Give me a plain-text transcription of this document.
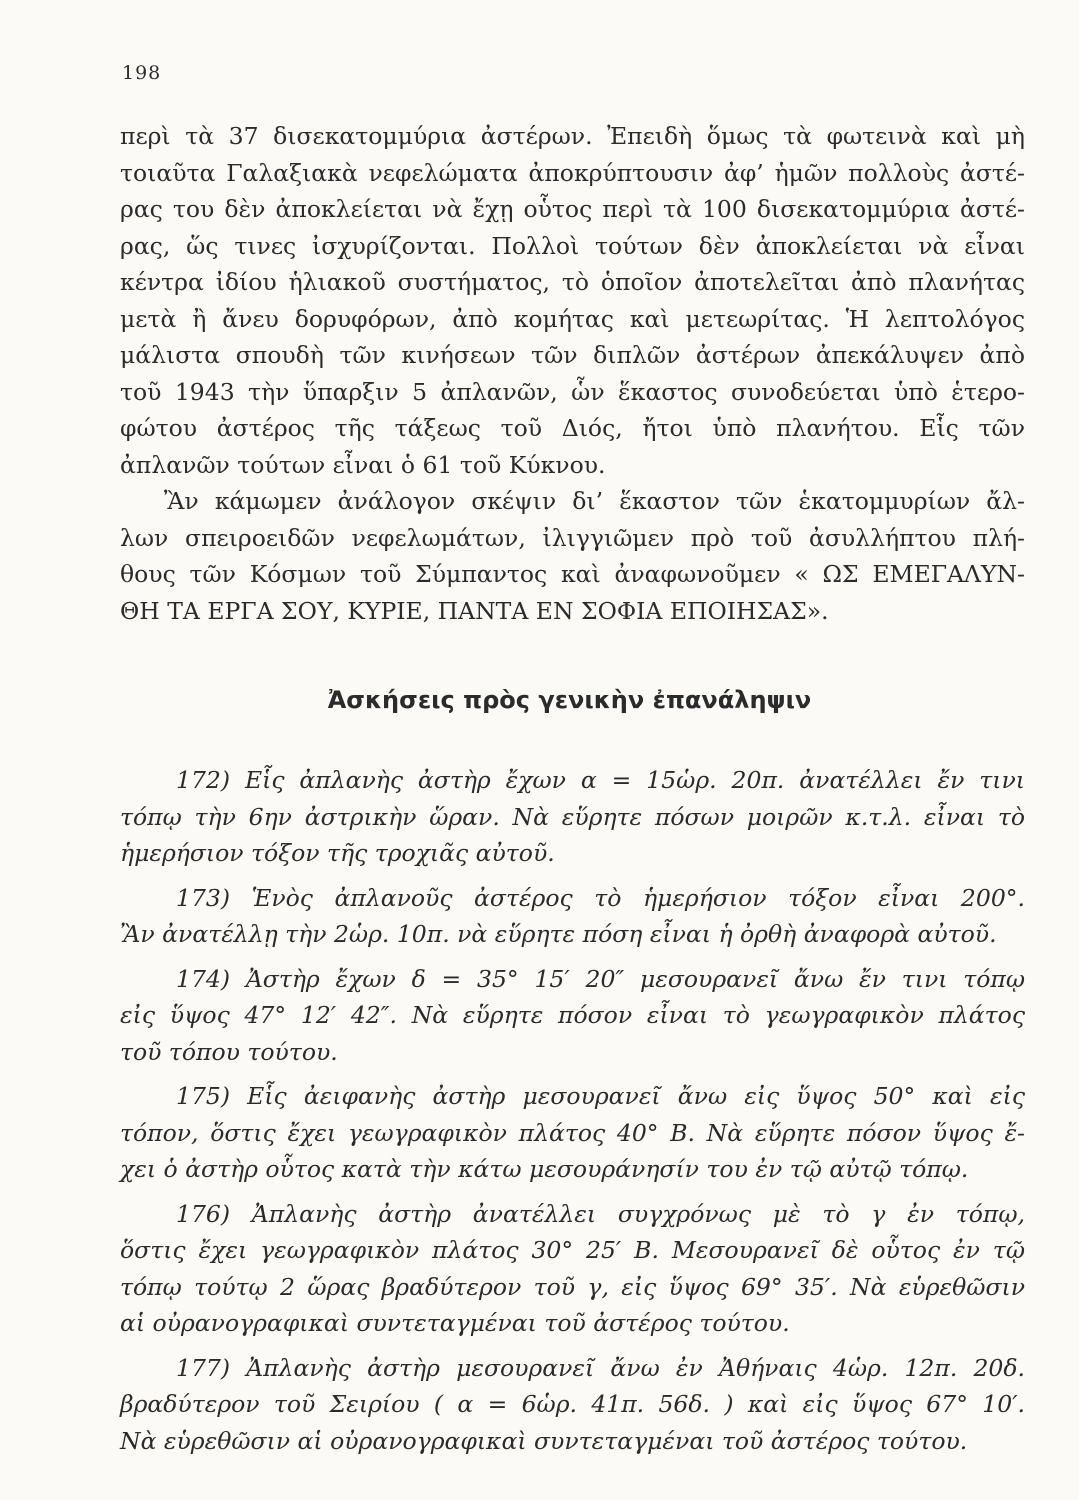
198

περὶ τὰ 37 δισεκατομμύρια ἀστέρων. Ἐπειδὴ ὅμως τὰ φωτεινὰ καὶ μὴ
τοιαῦτα Γαλαξιακὰ νεφελώματα ἀποκρύπτουσιν ἀφ’ ἡμῶν πολλοὺς ἀστέ-
ρας του δὲν ἀποκλείεται νὰ ἔχῃ οὗτος περὶ τὰ 100 δισεκατομμύρια ἀστέ-
ρας, ὥς τινες ἰσχυρίζονται. Πολλοὶ τούτων δὲν ἀποκλείεται νὰ εἶναι
κέντρα ἰδίου ἡλιακοῦ συστήματος, τὸ ὁποῖον ἀποτελεῖται ἀπὸ πλανήτας
μετὰ ἢ ἄνευ δορυφόρων, ἀπὸ κομήτας καὶ μετεωρίτας. Ἡ λεπτολόγος
μάλιστα σπουδὴ τῶν κινήσεων τῶν διπλῶν ἀστέρων ἀπεκάλυψεν ἀπὸ
τοῦ 1943 τὴν ὕπαρξιν 5 ἀπλανῶν, ὧν ἕκαστος συνοδεύεται ὑπὸ ἑτερο-
φώτου ἀστέρος τῆς τάξεως τοῦ Διός, ἤτοι ὑπὸ πλανήτου. Εἷς τῶν
ἀπλανῶν τούτων εἶναι ὁ 61 τοῦ Κύκνου.

Ἂν κάμωμεν ἀνάλογον σκέψιν δι’ ἕκαστον τῶν ἑκατομμυρίων ἄλ-
λων σπειροειδῶν νεφελωμάτων, ἰλιγγιῶμεν πρὸ τοῦ ἀσυλλήπτου πλή-
θους τῶν Κόσμων τοῦ Σύμπαντος καὶ ἀναφωνοῦμεν « ΩΣ ΕΜΕΓΑΛΥΝ-
ΘΗ ΤΑ ΕΡΓΑ ΣΟΥ, ΚΥΡΙΕ, ΠΑΝΤΑ ΕΝ ΣΟΦΙΑ ΕΠΟΙΗΣΑΣ».

Ἀσκήσεις πρὸς γενικὴν ἐπανάληψιν

172) Εἷς ἀπλανὴς ἀστὴρ ἔχων α = 15ὡρ. 20π. ἀνατέλλει ἔν τινι
τόπῳ τὴν 6ην ἀστρικὴν ὥραν. Νὰ εὕρητε πόσων μοιρῶν κ.τ.λ. εἶναι τὸ
ἡμερήσιον τόξον τῆς τροχιᾶς αὐτοῦ.

173) Ἑνὸς ἀπλανοῦς ἀστέρος τὸ ἡμερήσιον τόξον εἶναι 200°.
Ἂν ἀνατέλλῃ τὴν 2ὡρ. 10π. νὰ εὕρητε πόση εἶναι ἡ ὀρθὴ ἀναφορὰ αὐτοῦ.

174) Ἀστὴρ ἔχων δ = 35° 15′ 20″ μεσουρανεῖ ἄνω ἔν τινι τόπῳ
εἰς ὕψος 47° 12′ 42″. Νὰ εὕρητε πόσον εἶναι τὸ γεωγραφικὸν πλάτος
τοῦ τόπου τούτου.

175) Εἷς ἀειφανὴς ἀστὴρ μεσουρανεῖ ἄνω εἰς ὕψος 50° καὶ εἰς
τόπον, ὅστις ἔχει γεωγραφικὸν πλάτος 40° Β. Νὰ εὕρητε πόσον ὕψος ἔ-
χει ὁ ἀστὴρ οὗτος κατὰ τὴν κάτω μεσουράνησίν του ἐν τῷ αὐτῷ τόπῳ.

176) Ἀπλανὴς ἀστὴρ ἀνατέλλει συγχρόνως μὲ τὸ γ ἐν τόπῳ,
ὅστις ἔχει γεωγραφικὸν πλάτος 30° 25′ Β. Μεσουρανεῖ δὲ οὗτος ἐν τῷ
τόπῳ τούτῳ 2 ὥρας βραδύτερον τοῦ γ, εἰς ὕψος 69° 35′. Νὰ εὑρεθῶσιν
αἱ οὐρανογραφικαὶ συντεταγμέναι τοῦ ἀστέρος τούτου.

177) Ἀπλανὴς ἀστὴρ μεσουρανεῖ ἄνω ἐν Ἀθήναις 4ὡρ. 12π. 20δ.
βραδύτερον τοῦ Σειρίου ( α = 6ὡρ. 41π. 56δ. ) καὶ εἰς ὕψος 67° 10′.
Νὰ εὑρεθῶσιν αἱ οὐρανογραφικαὶ συντεταγμέναι τοῦ ἀστέρος τούτου.
